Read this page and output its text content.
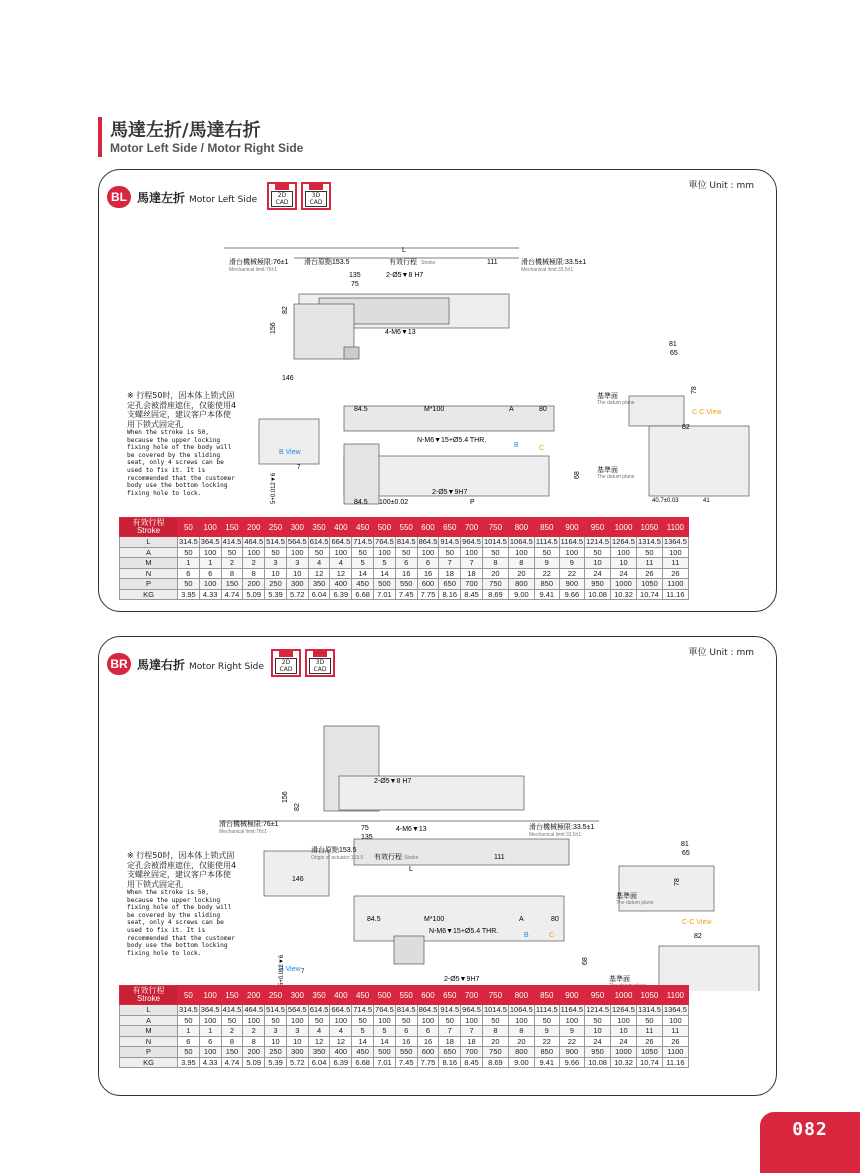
馬達左折/馬達右折
Motor Left Side / Motor Right Side
單位 Unit : mm
BL 馬達左折 Motor Left Side	2D CAD
3D CAD
滑台機械極限:76±1
Mechanical limit:76±1
滑台原點153.5	有效行程 Stroke	滑台機械極限:33.5±1
Mechanical limit:33.5±1
L
111
135
75
2-Ø5▼8 H7
4-M6▼13
156
82
146
84.5	M*100	A	80
N-M6▼15+Ø5.4 THR.
B	C
2-Ø5▼9H7
68
84.5 100±0.02	P
B View
5+0.012▼6
7
基準面
The datum plane
81
65
78
C-C View
82
基準面
The datum plane
40.7±0.03	41
※ 行程50时，因本体上锁式固定孔会被滑座遮住，仅能使用4支螺丝固定，建议客户本体使用下锁式固定孔
When the stroke is 50, because the upper locking fixing hole of the body will be covered by the sliding seat, only 4 screws can be used to fix it. It is recommended that the customer body use the bottom locking fixing hole to lock.
有效行程
Stroke	50	100	150	200	250	300	350	400	450	500	550	600	650	700	750	800	850	900	950	1000	1050	1100
L	314.5	364.5	414.5	464.5	514.5	564.5	614.5	664.5	714.5	764.5	814.5	864.5	914.5	964.5	1014.5	1064.5	1114.5	1164.5	1214.5	1264.5	1314.5	1364.5
A	50	100	50	100	50	100	50	100	50	100	50	100	50	100	50	100	50	100	50	100	50	100
M	1	1	2	2	3	3	4	4	5	5	6	6	7	7	8	8	9	9	10	10	11	11
N	6	6	8	8	10	10	12	12	14	14	16	16	18	18	20	20	22	22	24	24	26	26
P	50	100	150	200	250	300	350	400	450	500	550	600	650	700	750	800	850	900	950	1000	1050	1100
KG	3.95	4.33	4.74	5.09	5.39	5.72	6.04	6.39	6.68	7.01	7.45	7.75	8.16	8.45	8.69	9.00	9.41	9.66	10.08	10.32	10.74	11.16
單位 Unit : mm
BR 馬達右折 Motor Right Side	2D CAD
3D CAD
2-Ø5▼8 H7
156
82
滑台機械極限:76±1
Mechanical limit:76±1	75
135
4-M6▼13	滑台機械極限:33.5±1
Mechanical limit:33.5±1
滑台原點153.5
Origin of actuator:153.5 有效行程 Stroke	111
L
146
84.5	M*100	A	80
N-M6▼15+Ø5.4 THR.
B	C
2-Ø5▼9H7
68
B View
5+0.012▼6	7
81
65
78
基準面
The datum plane
C-C View
82
基準面
※ 行程50时，因本体上锁式固定孔会被滑座遮住，仅能使用4支螺丝固定，建议客户本体使用下锁式固定孔
When the stroke is 50, because the upper locking fixing hole of the body will be covered by the sliding seat, only 4 screws can be used to fix it. It is recommended that the customer body use the bottom locking fixing hole to lock.
有效行程
Stroke	50	100	150	200	250	300	350	400	450	500	550	600	650	700	750	800	850	900	950	1000	1050	1100
L	314.5	364.5	414.5	464.5	514.5	564.5	614.5	664.5	714.5	764.5	814.5	864.5	914.5	964.5	1014.5	1064.5	1114.5	1164.5	1214.5	1264.5	1314.5	1364.5
A	50	100	50	100	50	100	50	100	50	100	50	100	50	100	50	100	50	100	50	100	50	100
M	1	1	2	2	3	3	4	4	5	5	6	6	7	7	8	8	9	9	10	10	11	11
N	6	6	8	8	10	10	12	12	14	14	16	16	18	18	20	20	22	22	24	24	26	26
P	50	100	150	200	250	300	350	400	450	500	550	600	650	700	750	800	850	900	950	1000	1050	1100
KG	3.95	4.33	4.74	5.09	5.39	5.72	6.04	6.39	6.68	7.01	7.45	7.75	8.16	8.45	8.69	9.00	9.41	9.66	10.08	10.32	10.74	11.16
082
